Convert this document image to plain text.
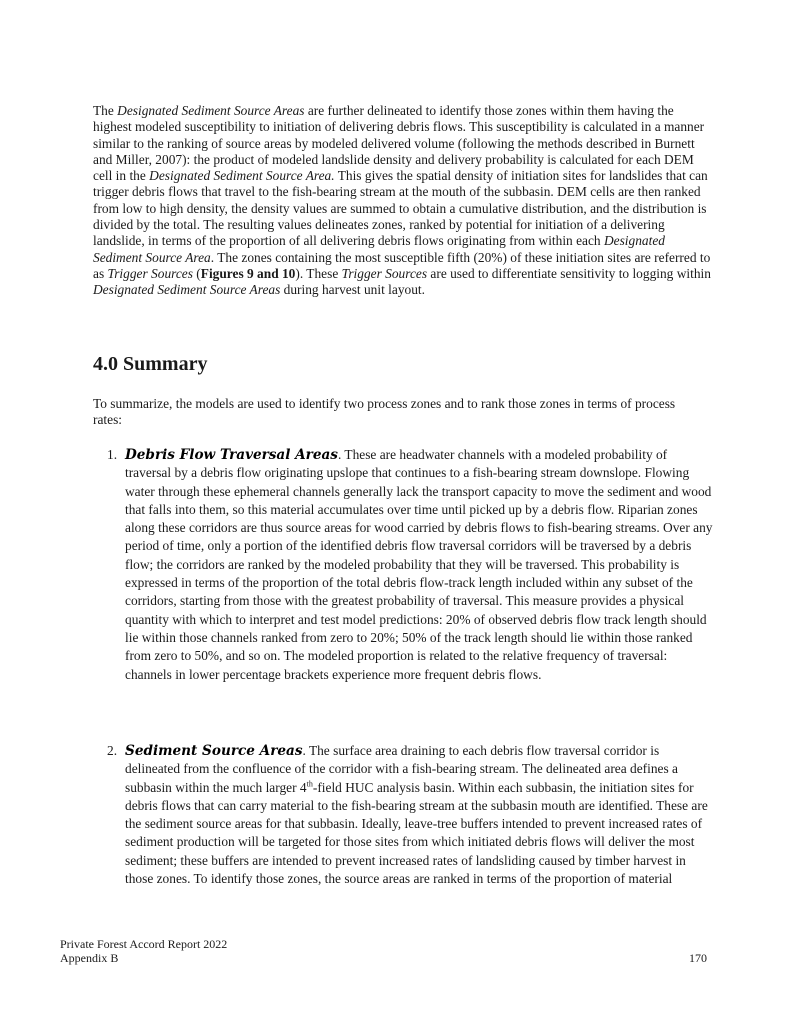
The Designated Sediment Source Areas are further delineated to identify those zones within them having the highest modeled susceptibility to initiation of delivering debris flows. This susceptibility is calculated in a manner similar to the ranking of source areas by modeled delivered volume (following the methods described in Burnett and Miller, 2007): the product of modeled landslide density and delivery probability is calculated for each DEM cell in the Designated Sediment Source Area. This gives the spatial density of initiation sites for landslides that can trigger debris flows that travel to the fish-bearing stream at the mouth of the subbasin. DEM cells are then ranked from low to high density, the density values are summed to obtain a cumulative distribution, and the distribution is divided by the total. The resulting values delineates zones, ranked by potential for initiation of a delivering landslide, in terms of the proportion of all delivering debris flows originating from within each Designated Sediment Source Area. The zones containing the most susceptible fifth (20%) of these initiation sites are referred to as Trigger Sources (Figures 9 and 10). These Trigger Sources are used to differentiate sensitivity to logging within Designated Sediment Source Areas during harvest unit layout.

4.0 Summary

To summarize, the models are used to identify two process zones and to rank those zones in terms of process rates:

1. Debris Flow Traversal Areas. These are headwater channels with a modeled probability of traversal by a debris flow originating upslope that continues to a fish-bearing stream downslope. Flowing water through these ephemeral channels generally lack the transport capacity to move the sediment and wood that falls into them, so this material accumulates over time until picked up by a debris flow. Riparian zones along these corridors are thus source areas for wood carried by debris flows to fish-bearing streams. Over any period of time, only a portion of the identified debris flow traversal corridors will be traversed by a debris flow; the corridors are ranked by the modeled probability that they will be traversed. This probability is expressed in terms of the proportion of the total debris flow-track length included within any subset of the corridors, starting from those with the greatest probability of traversal. This measure provides a physical quantity with which to interpret and test model predictions: 20% of observed debris flow track length should lie within those channels ranked from zero to 20%; 50% of the track length should lie within those ranked from zero to 50%, and so on. The modeled proportion is related to the relative frequency of traversal: channels in lower percentage brackets experience more frequent debris flows.
2. Sediment Source Areas. The surface area draining to each debris flow traversal corridor is delineated from the confluence of the corridor with a fish-bearing stream. The delineated area defines a subbasin within the much larger 4th-field HUC analysis basin. Within each subbasin, the initiation sites for debris flows that can carry material to the fish-bearing stream at the subbasin mouth are identified. These are the sediment source areas for that subbasin. Ideally, leave-tree buffers intended to prevent increased rates of sediment production will be targeted for those sites from which initiated debris flows will deliver the most sediment; these buffers are intended to prevent increased rates of landsliding caused by timber harvest in those zones. To identify those zones, the source areas are ranked in terms of the proportion of material
Private Forest Accord Report 2022
Appendix B	170
